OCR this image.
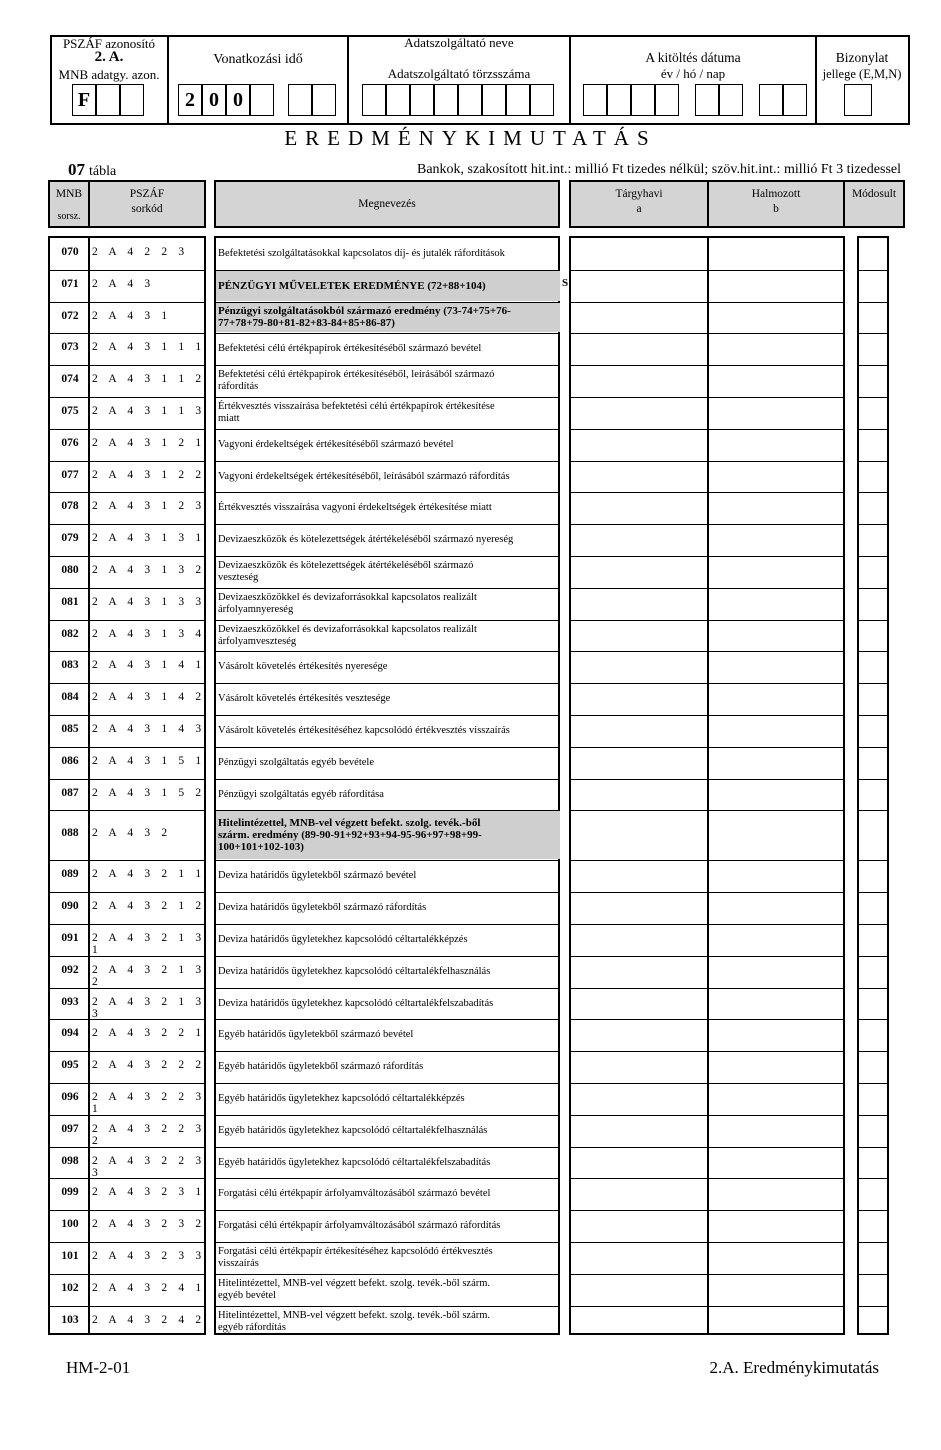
PSZÁF azonosító
2. A.
MNB adatgy. azon.
F
Vonatkozási idő
2 0 0
Adatszolgáltató neve
Adatszolgáltató törzsszáma
A kitöltés dátuma
év / hó / nap
Bizonylat
jellege (E,M,N)
EREDMÉNYKIMUTATÁS
07 tábla	Bankok, szakosított hit.int.: millió Ft tizedes nélkül; szöv.hit.int.: millió Ft 3 tizedessel
MNB
sorsz.
PSZÁF
sorkód	Megnevezés
Tárgyhavi
a
Halmozott
b
Módosult
S
070	2 A 4 2 2 3	Befektetési szolgáltatásokkal kapcsolatos díj- és jutalék ráfordítások
071	2 A 4 3	PÉNZÜGYI MŰVELETEK EREDMÉNYE (72+88+104)
072	2 A 4 3 1	Pénzügyi szolgáltatásokból származó eredmény (73-74+75+76-
77+78+79-80+81-82+83-84+85+86-87)
073	2 A 4 3 1 1 1 Befektetési célú értékpapírok értékesítéséből származó bevétel
074	2 A 4 3 1 1 2 Befektetési célú értékpapírok értékesítéséből, leírásából származó
ráfordítás
075	2 A 4 3 1 1 3 Értékvesztés visszaírása befektetési célú értékpapírok értékesítése
miatt
076	2 A 4 3 1 2 1 Vagyoni érdekeltségek értékesítéséből származó bevétel
077	2 A 4 3 1 2 2 Vagyoni érdekeltségek értékesítéséből, leírásából származó ráfordítás
078	2 A 4 3 1 2 3 Értékvesztés visszaírása vagyoni érdekeltségek értékesítése miatt
079	2 A 4 3 1 3 1 Devizaeszközök és kötelezettségek átértékeléséből származó nyereség
080	2 A 4 3 1 3 2 Devizaeszközök és kötelezettségek átértékeléséből származó
veszteség
081	2 A 4 3 1 3 3 Devizaeszközökkel és devizaforrásokkal kapcsolatos realizált
árfolyamnyereség
082	2 A 4 3 1 3 4 Devizaeszközökkel és devizaforrásokkal kapcsolatos realizált
árfolyamveszteség
083	2 A 4 3 1 4 1 Vásárolt követelés értékesítés nyeresége
084	2 A 4 3 1 4 2 Vásárolt követelés értékesítés vesztesége
085	2 A 4 3 1 4 3 Vásárolt követelés értékesítéséhez kapcsolódó értékvesztés visszaírás
086	2 A 4 3 1 5 1 Pénzügyi szolgáltatás egyéb bevétele
087	2 A 4 3 1 5 2 Pénzügyi szolgáltatás egyéb ráfordítása
088	2 A 4 3 2
Hitelintézettel, MNB-vel végzett befekt. szolg. tevék.-ből
szárm. eredmény (89-90-91+92+93+94-95-96+97+98+99-
100+101+102-103)
089	2 A 4 3 2 1 1 Deviza határidős ügyletekből származó bevétel
090	2 A 4 3 2 1 2 Deviza határidős ügyletekből származó ráfordítás
091	2 A 4 3 2 1 3 1
Deviza határidős ügyletekhez kapcsolódó céltartalékképzés
092	2 A 4 3 2 1 3 2
Deviza határidős ügyletekhez kapcsolódó céltartalékfelhasználás
093	2 A 4 3 2 1 3 3
Deviza határidős ügyletekhez kapcsolódó céltartalékfelszabadítás
094	2 A 4 3 2 2 1 Egyéb határidős ügyletekből származó bevétel
095	2 A 4 3 2 2 2 Egyéb határidős ügyletekből származó ráfordítás
096	2 A 4 3 2 2 3 1
Egyéb határidős ügyletekhez kapcsolódó céltartalékképzés
097	2 A 4 3 2 2 3 2
Egyéb határidős ügyletekhez kapcsolódó céltartalékfelhasználás
098	2 A 4 3 2 2 3 3
Egyéb határidős ügyletekhez kapcsolódó céltartalékfelszabadítás
099	2 A 4 3 2 3 1 Forgatási célú értékpapír árfolyamváltozásából származó bevétel
100	2 A 4 3 2 3 2 Forgatási célú értékpapír árfolyamváltozásából származó ráfordítás
101	2 A 4 3 2 3 3 Forgatási célú értékpapír értékesítéséhez kapcsolódó értékvesztés
visszaírás
102	2 A 4 3 2 4 1 Hitelintézettel, MNB-vel végzett befekt. szolg. tevék.-ből szárm.
egyéb bevétel
103	2 A 4 3 2 4 2 Hitelintézettel, MNB-vel végzett befekt. szolg. tevék.-ből szárm.
egyéb ráfordítás
HM-2-01	2.A. Eredménykimutatás
